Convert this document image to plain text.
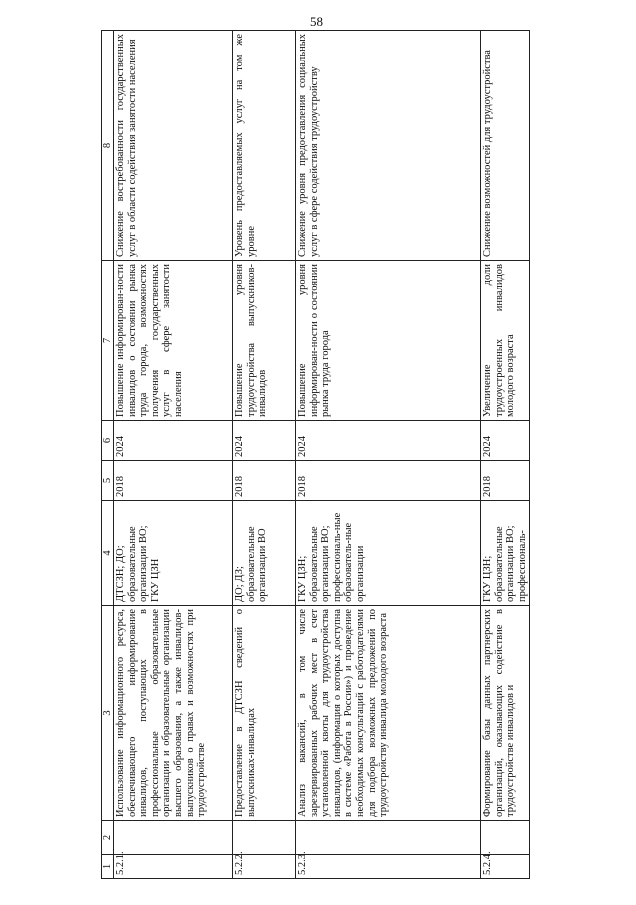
58
1	2	3	4	5	6	7	8
5.2.1.		Использование информационного ресурса, обеспечивающего информирование инвалидов, поступающих в профессиональные образовательные организации и образовательные организации высшего образования, а также инвалидов-выпускников о правах и возможностях при трудоустройстве	ДТСЗН; ДО; образовательные организации ВО; ГКУ ЦЗН	2018	2024	Повышение информирован-ности инвалидов о состоянии рынка труда города, возможностях получения государственных услуг в сфере занятости населения	Снижение востребованности государственных услуг в области содействия занятости населения
5.2.2.		Предоставление в ДТСЗН сведений о выпускниках-инвалидах	ДО; ДЗ; образовательные организации ВО	2018	2024	Повышение уровня трудоустройства выпускников-инвалидов	Уровень предоставляемых услуг на том же уровне
5.2.3.		Анализ вакансий, в том числе зарезервированных рабочих мест в счет установленной квоты для трудоустройства инвалидов, (информация о которых доступна в системе «Работа в России») и проведение необходимых консультаций с работодателями для подбора возможных предложений по трудоустройству инвалида молодого возраста	ГКУ ЦЗН; образовательные организации ВО; профессиональ-ные образователь-ные организации	2018	2024	Повышение уровня информирован-ности о состоянии рынка труда города	Снижение уровня предоставления социальных услуг в сфере содействия трудоустройству
5.2.4.		Формирование базы данных партнерских организаций, оказывающих содействие в трудоустройстве инвалидов и	ГКУ ЦЗН; образовательные организации ВО; профессиональ-	2018	2024	Увеличение доли трудоустроенных инвалидов молодого возраста	Снижение возможностей для трудоустройства
